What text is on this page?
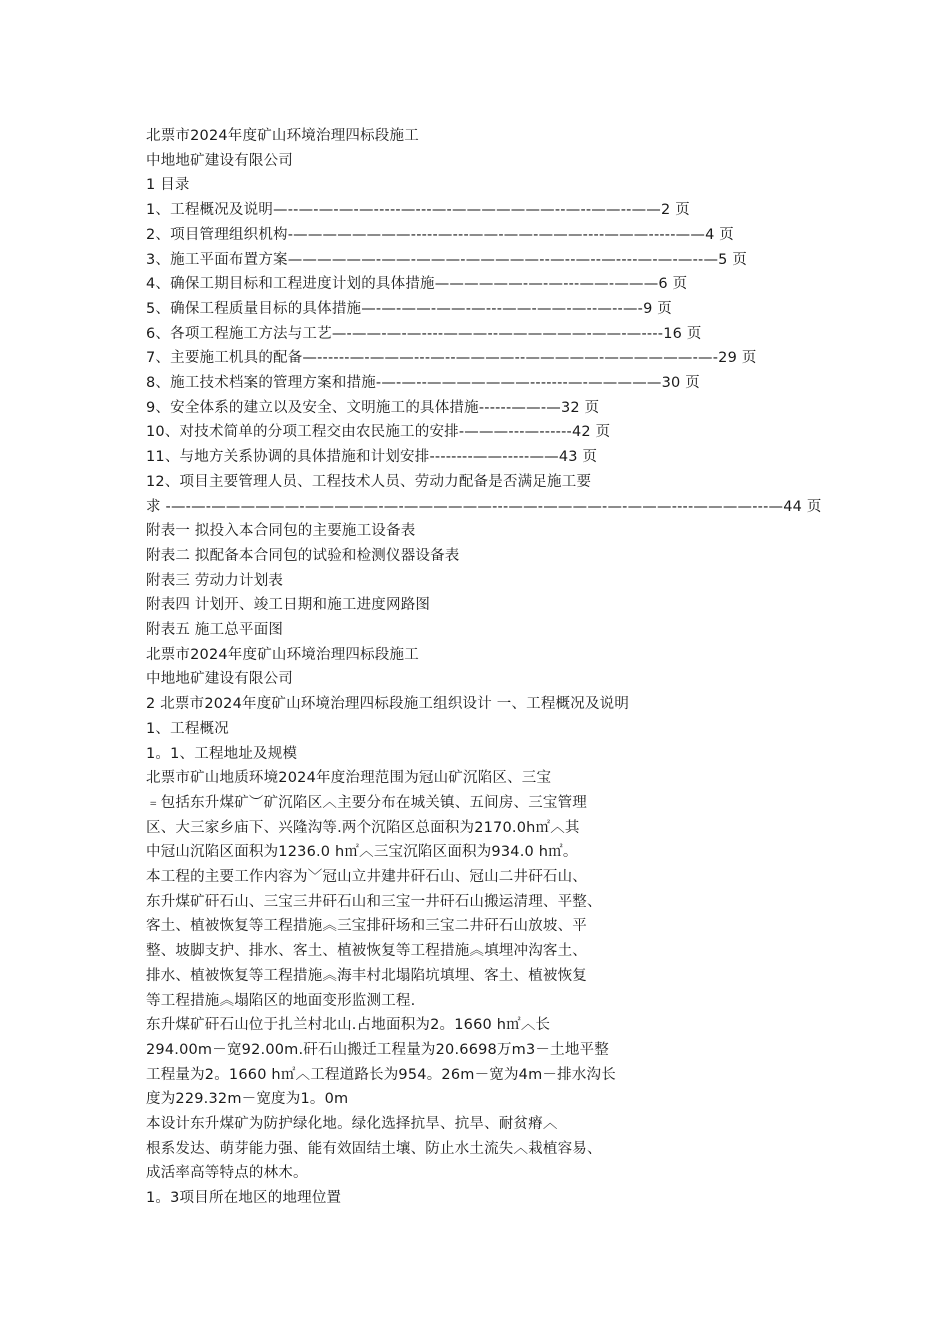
北票市2024年度矿山环境治理四标段施工
中地地矿建设有限公司
1 目录
1、工程概况及说明—--—-—-—-—-----—---—-———————--—--——--——2 页
2、项目管理组织机构-————————-----—---——-——-———----———-----——4 页
3、施工平面布置方案——————-——-———-—————--—--—--—----—-—-—--—5 页
4、确保工期目标和工程进度计划的具体措施——————-—-—---——-———6 页
5、确保工程质量目标的具体措施—-—-——-——-—---——-——-—--—--—-9 页
6、各项工程施工方法与工艺—-——-—-—----———--——————-——-—----16 页
7、主要施工机具的配备—------—-———---—--————--—————-——————-—-29 页
8、施工技术档案的管理方案和措施-—-—--———————-------—-—————30 页
9、安全体系的建立以及安全、文明施工的具体措施------——-—32 页
10、对技术简单的分项工程交由农民施工的安排-———---—------42 页
11、与地方关系协调的具体措施和计划安排--------——-----——43 页
12、项目主要管理人员、工程技术人员、劳动力配备是否满足施工要
求 -—-—-——————-—————-—-——————---——-————-—-———----————---—44 页
附表一 拟投入本合同包的主要施工设备表
附表二 拟配备本合同包的试验和检测仪器设备表
附表三 劳动力计划表
附表四 计划开、竣工日期和施工进度网路图
附表五 施工总平面图
北票市2024年度矿山环境治理四标段施工
中地地矿建设有限公司
2 北票市2024年度矿山环境治理四标段施工组织设计 一、工程概况及说明
1、工程概况
1。1、工程地址及规模
北票市矿山地质环境2024年度治理范围为冠山矿沉陷区、三宝
﹦包括东升煤矿︶矿沉陷区︿主要分布在城关镇、五间房、三宝管理
区、大三家乡庙下、兴隆沟等.两个沉陷区总面积为2170.0h㎡︿其
中冠山沉陷区面积为1236.0 h㎡︿三宝沉陷区面积为934.0 h㎡。
本工程的主要工作内容为﹀冠山立井建井矸石山、冠山二井矸石山、
东升煤矿矸石山、三宝三井矸石山和三宝一井矸石山搬运清理、平整、
客土、植被恢复等工程措施︽三宝排矸场和三宝二井矸石山放坡、平
整、坡脚支护、排水、客土、植被恢复等工程措施︽填埋冲沟客土、
排水、植被恢复等工程措施︽海丰村北塌陷坑填埋、客土、植被恢复
等工程措施︽塌陷区的地面变形监测工程.
东升煤矿矸石山位于扎兰村北山.占地面积为2。1660 h㎡︿长
294.00m－宽92.00m.矸石山搬迁工程量为20.6698万m3－土地平整
工程量为2。1660 h㎡︿工程道路长为954。26m－宽为4m－排水沟长
度为229.32m－宽度为1。0m
本设计东升煤矿为防护绿化地。绿化选择抗旱、抗旱、耐贫瘠︿
根系发达、萌芽能力强、能有效固结土壤、防止水土流失︿栽植容易、
成活率高等特点的林木。
1。3项目所在地区的地理位置
